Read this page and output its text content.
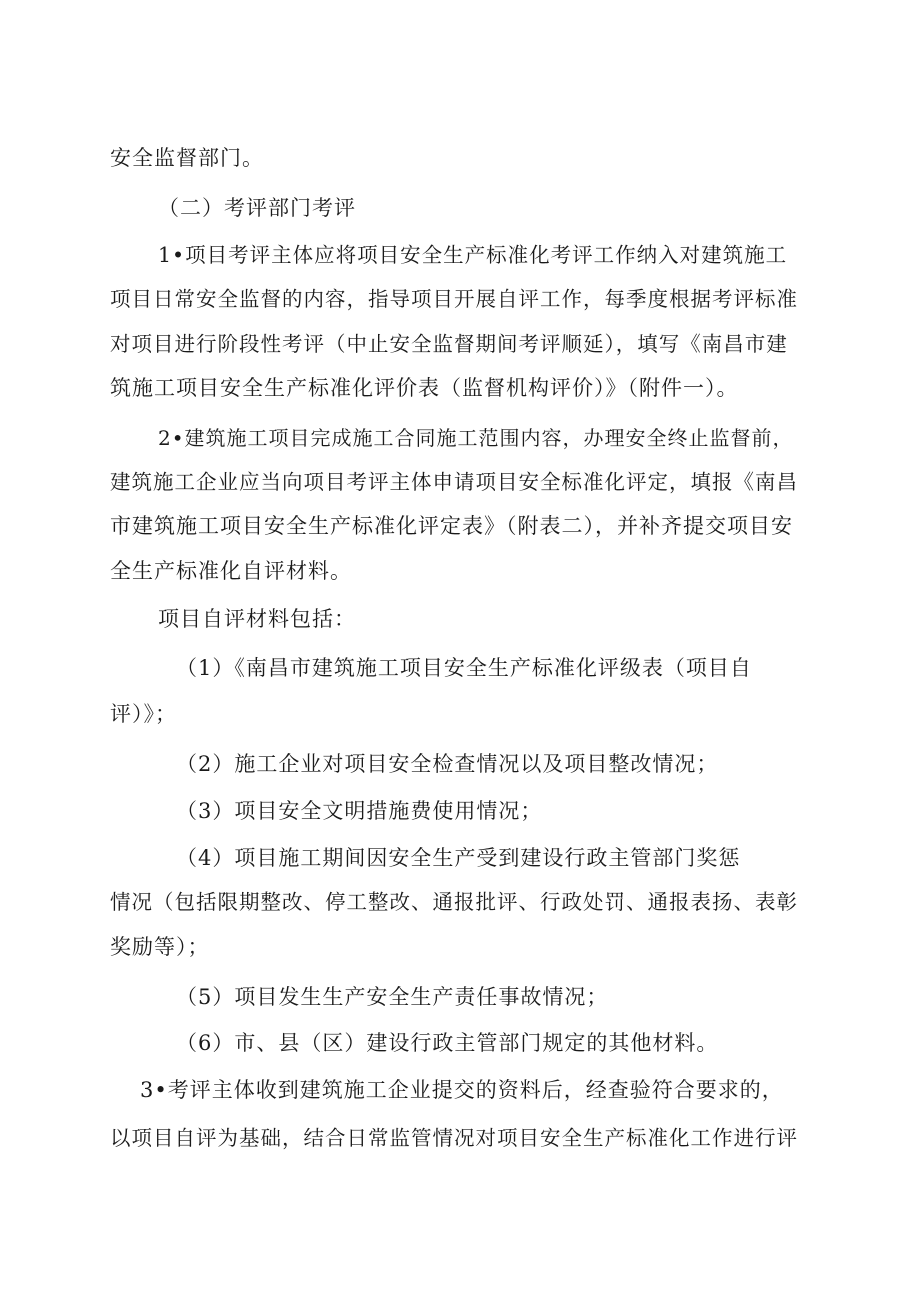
安全监督部门。
（二）考评部门考评
1•项目考评主体应将项目安全生产标准化考评工作纳入对建筑施工
项目日常安全监督的内容，指导项目开展自评工作，每季度根据考评标准
对项目进行阶段性考评（中止安全监督期间考评顺延），填写《南昌市建
筑施工项目安全生产标准化评价表（监督机构评价）》（附件一）。
2•建筑施工项目完成施工合同施工范围内容，办理安全终止监督前，
建筑施工企业应当向项目考评主体申请项目安全标准化评定，填报《南昌
市建筑施工项目安全生产标准化评定表》（附表二），并补齐提交项目安
全生产标准化自评材料。
项目自评材料包括：
（1）《南昌市建筑施工项目安全生产标准化评级表（项目自
评）》；
（2）施工企业对项目安全检查情况以及项目整改情况；
（3）项目安全文明措施费使用情况；
（4）项目施工期间因安全生产受到建设行政主管部门奖惩
情况（包括限期整改、停工整改、通报批评、行政处罚、通报表扬、表彰
奖励等）；
（5）项目发生生产安全生产责任事故情况；
（6）市、县（区）建设行政主管部门规定的其他材料。
3•考评主体收到建筑施工企业提交的资料后，经查验符合要求的，
以项目自评为基础，结合日常监管情况对项目安全生产标准化工作进行评
